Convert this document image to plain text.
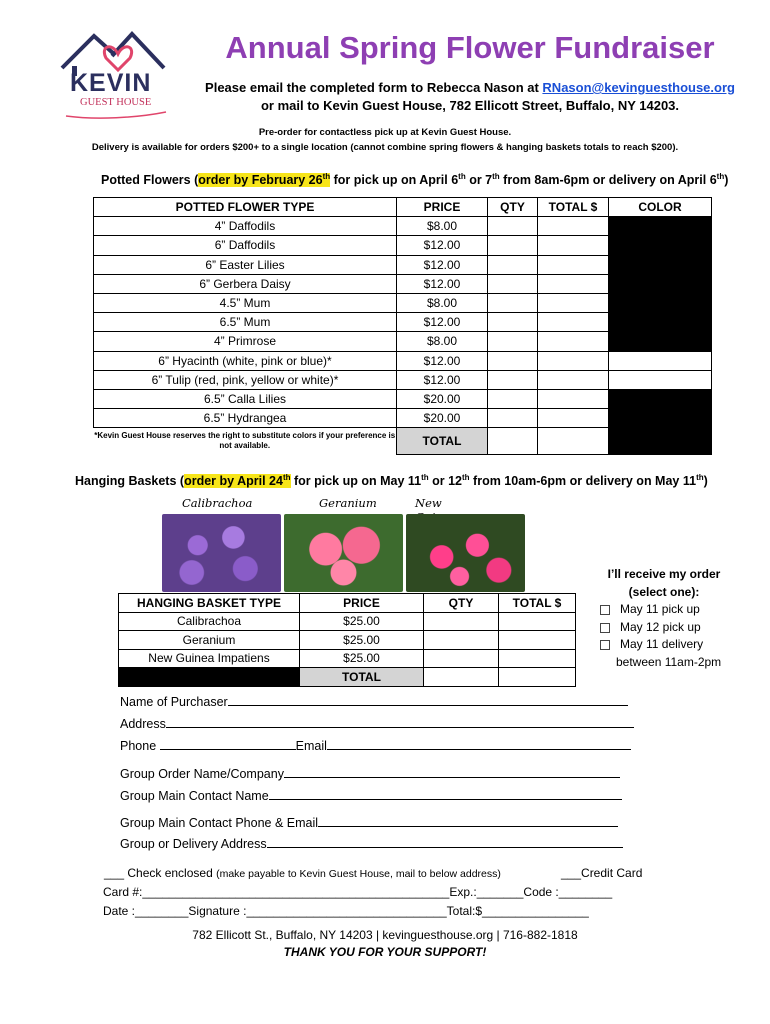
KEVIN
GUEST HOUSE
Annual Spring Flower Fundraiser
Please email the completed form to Rebecca Nason at RNason@kevinguesthouse.org
or mail to Kevin Guest House, 782 Ellicott Street, Buffalo, NY 14203.
Pre-order for contactless pick up at Kevin Guest House.
Delivery is available for orders $200+ to a single location (cannot combine spring flowers & hanging baskets totals to reach $200).
Potted Flowers (order by February 26th for pick up on April 6th or 7th from 8am-6pm or delivery on April 6th)
POTTED FLOWER TYPE	PRICE	QTY	TOTAL $	COLOR
4” Daffodils	$8.00			
6” Daffodils	$12.00			
6” Easter Lilies	$12.00			
6” Gerbera Daisy	$12.00			
4.5” Mum	$8.00			
6.5” Mum	$12.00			
4” Primrose	$8.00			
6” Hyacinth (white, pink or blue)*	$12.00			
6” Tulip (red, pink, yellow or white)*	$12.00			
6.5” Calla Lilies	$20.00			
6.5” Hydrangea	$20.00			
*Kevin Guest House reserves the right to substitute colors if your preference is not available.	TOTAL			
Hanging Baskets (order by April 24th for pick up on May 11th or 12th from 10am-6pm or delivery on May 11th)
Calibrachoa	Geranium	New
HANGING BASKET TYPE	PRICE	QTY	TOTAL $
Calibrachoa	$25.00		
Geranium	$25.00		
New Guinea Impatiens	$25.00		
	TOTAL		
I’ll receive my order
(select one):
May 11 pick up
May 12 pick up
May 11 delivery
between 11am-2pm
Name of Purchaser
Address
Phone	Email
Group Order Name/Company
Group Main Contact Name
Group Main Contact Phone & Email
Group or Delivery Address
___ Check enclosed (make payable to Kevin Guest House, mail to below address)	___Credit Card
Card #:______________________________________________Exp.:_______Code :________
Date :________Signature :______________________________Total:$________________
782 Ellicott St., Buffalo, NY 14203 | kevinguesthouse.org | 716-882-1818
THANK YOU FOR YOUR SUPPORT!
